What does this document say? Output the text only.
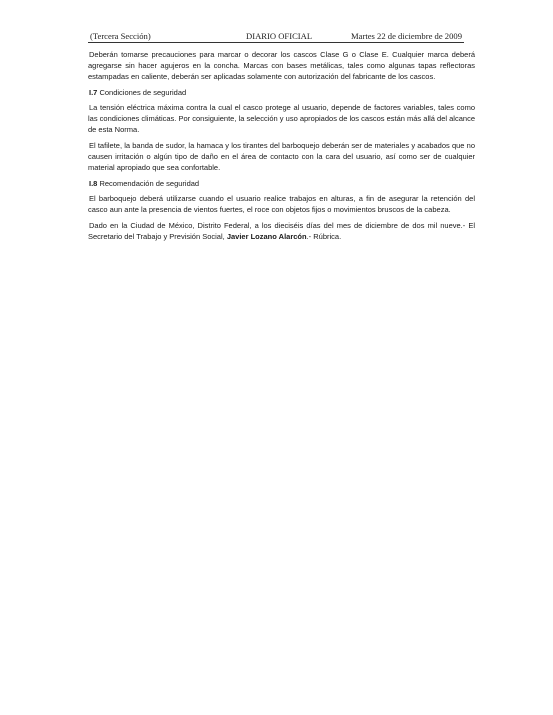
(Tercera Sección)	DIARIO OFICIAL	Martes 22 de diciembre de 2009

Deberán tomarse precauciones para marcar o decorar los cascos Clase G o Clase E. Cualquier marca deberá agregarse sin hacer agujeros en la concha. Marcas con bases metálicas, tales como algunas tapas reflectoras estampadas en caliente, deberán ser aplicadas solamente con autorización del fabricante de los cascos.

I.7 Condiciones de seguridad

La tensión eléctrica máxima contra la cual el casco protege al usuario, depende de factores variables, tales como las condiciones climáticas. Por consiguiente, la selección y uso apropiados de los cascos están más allá del alcance de esta Norma.

El tafilete, la banda de sudor, la hamaca y los tirantes del barboquejo deberán ser de materiales y acabados que no causen irritación o algún tipo de daño en el área de contacto con la cara del usuario, así como ser de cualquier material apropiado que sea confortable.

I.8 Recomendación de seguridad

El barboquejo deberá utilizarse cuando el usuario realice trabajos en alturas, a fin de asegurar la retención del casco aun ante la presencia de vientos fuertes, el roce con objetos fijos o movimientos bruscos de la cabeza.

Dado en la Ciudad de México, Distrito Federal, a los dieciséis días del mes de diciembre de dos mil nueve.- El Secretario del Trabajo y Previsión Social, Javier Lozano Alarcón.- Rúbrica.
